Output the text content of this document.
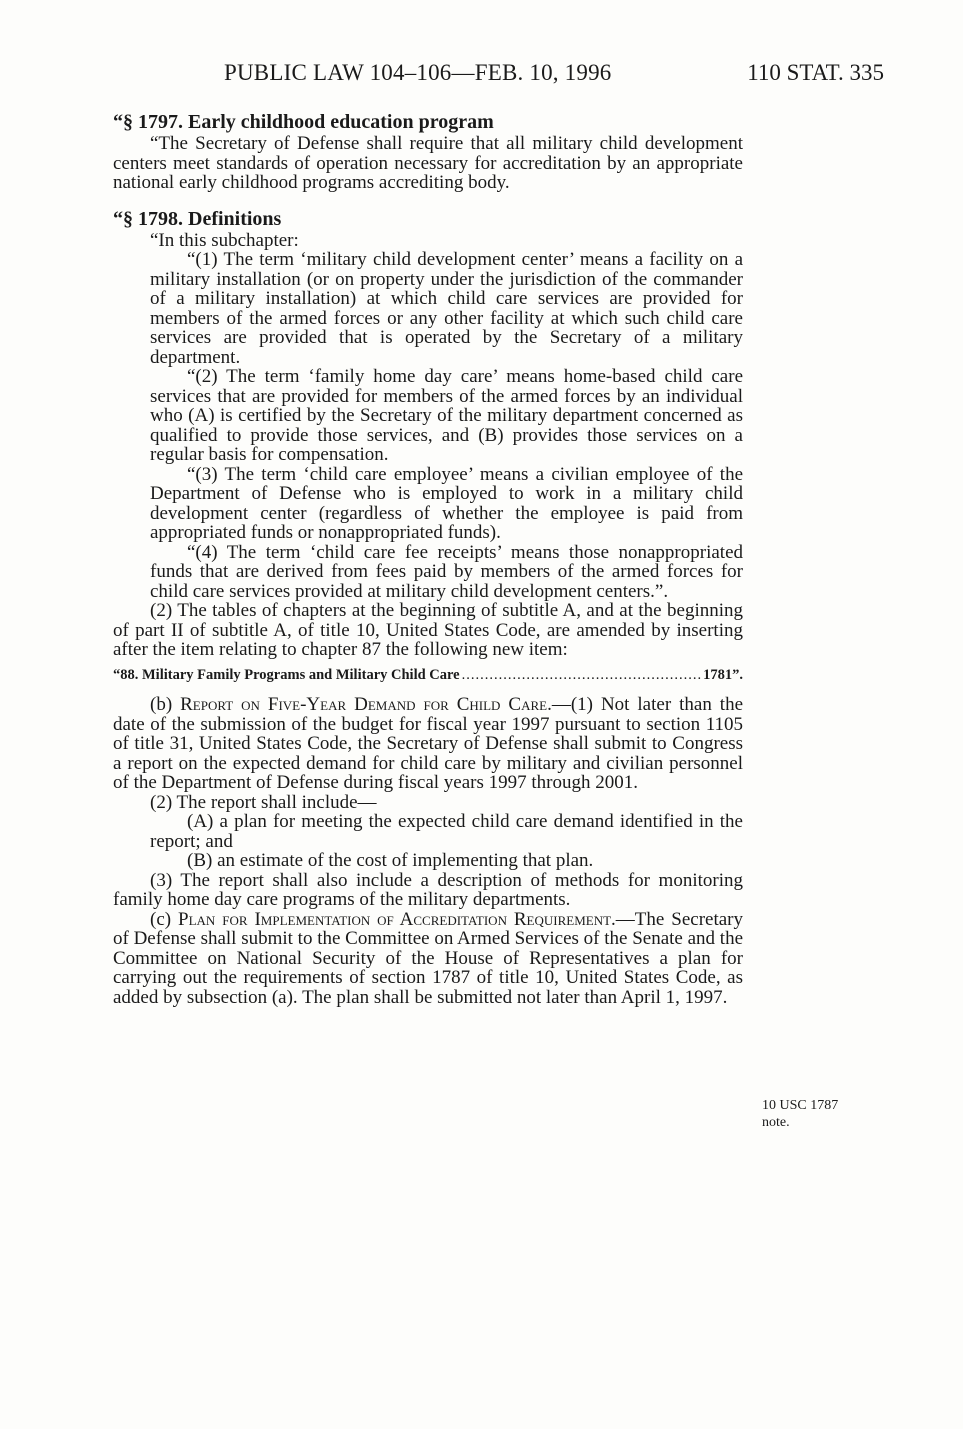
PUBLIC LAW 104–106—FEB. 10, 1996	110 STAT. 335

“§ 1797. Early childhood education program

“The Secretary of Defense shall require that all military child development centers meet standards of operation necessary for accreditation by an appropriate national early childhood programs accrediting body.

“§ 1798. Definitions

“In this subchapter:

“(1) The term ‘military child development center’ means a facility on a military installation (or on property under the jurisdiction of the commander of a military installation) at which child care services are provided for members of the armed forces or any other facility at which such child care services are provided that is operated by the Secretary of a military department.

“(2) The term ‘family home day care’ means home-based child care services that are provided for members of the armed forces by an individual who (A) is certified by the Secretary of the military department concerned as qualified to provide those services, and (B) provides those services on a regular basis for compensation.

“(3) The term ‘child care employee’ means a civilian employee of the Department of Defense who is employed to work in a military child development center (regardless of whether the employee is paid from appropriated funds or nonappropriated funds).

“(4) The term ‘child care fee receipts’ means those nonappropriated funds that are derived from fees paid by members of the armed forces for child care services provided at military child development centers.”.

(2) The tables of chapters at the beginning of subtitle A, and at the beginning of part II of subtitle A, of title 10, United States Code, are amended by inserting after the item relating to chapter 87 the following new item:

“88. Military Family Programs and Military Child Care
.....	1781”.

(b) Report on Five-Year Demand for Child Care.—(1) Not later than the date of the submission of the budget for fiscal year 1997 pursuant to section 1105 of title 31, United States Code, the Secretary of Defense shall submit to Congress a report on the expected demand for child care by military and civilian personnel of the Department of Defense during fiscal years 1997 through 2001.

(2) The report shall include—

(A) a plan for meeting the expected child care demand identified in the report; and

(B) an estimate of the cost of implementing that plan.

(3) The report shall also include a description of methods for monitoring family home day care programs of the military departments.

(c) Plan for Implementation of Accreditation Requirement.—The Secretary of Defense shall submit to the Committee on Armed Services of the Senate and the Committee on National Security of the House of Representatives a plan for carrying out the requirements of section 1787 of title 10, United States Code, as added by subsection (a). The plan shall be submitted not later than April 1, 1997.

10 USC 1787
note.
